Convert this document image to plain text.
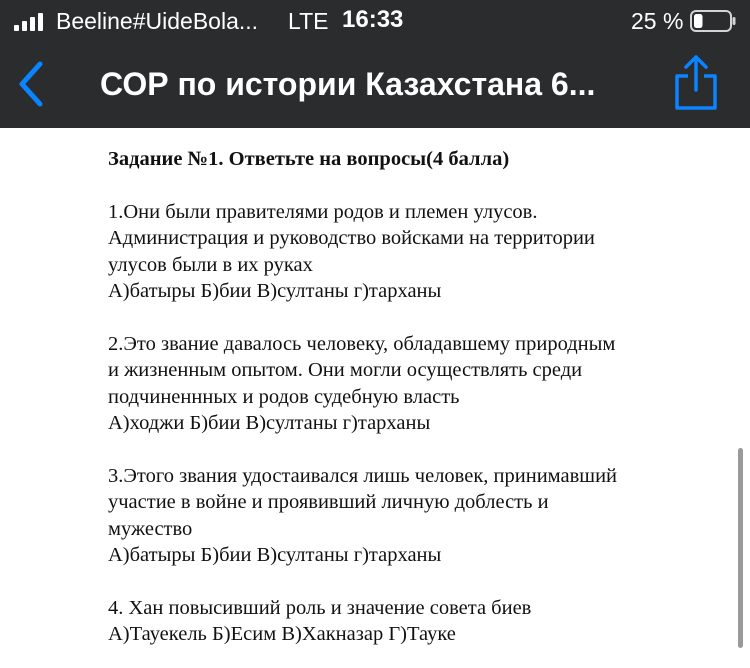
Beeline#UideBola... LTE 16:33	25 %
СОР по истории Казахстана 6...

Задание №1. Ответьте на вопросы(4 балла)

1.Они были правителями родов и племен улусов.

Администрация и руководство войсками на территории

улусов были в их руках

А)батыры Б)бии В)султаны г)тарханы

2.Это звание давалось человеку, обладавшему природным

и жизненным опытом. Они могли осуществлять среди

подчиненнных и родов судебную власть

А)ходжи Б)бии В)султаны г)тарханы

3.Этого звания удостаивался лишь человек, принимавший

участие в войне и проявивший личную доблесть и

мужество

А)батыры Б)бии В)султаны г)тарханы

4. Хан повысивший роль и значение совета биев

А)Тауекель Б)Есим В)Хакназар Г)Тауке
